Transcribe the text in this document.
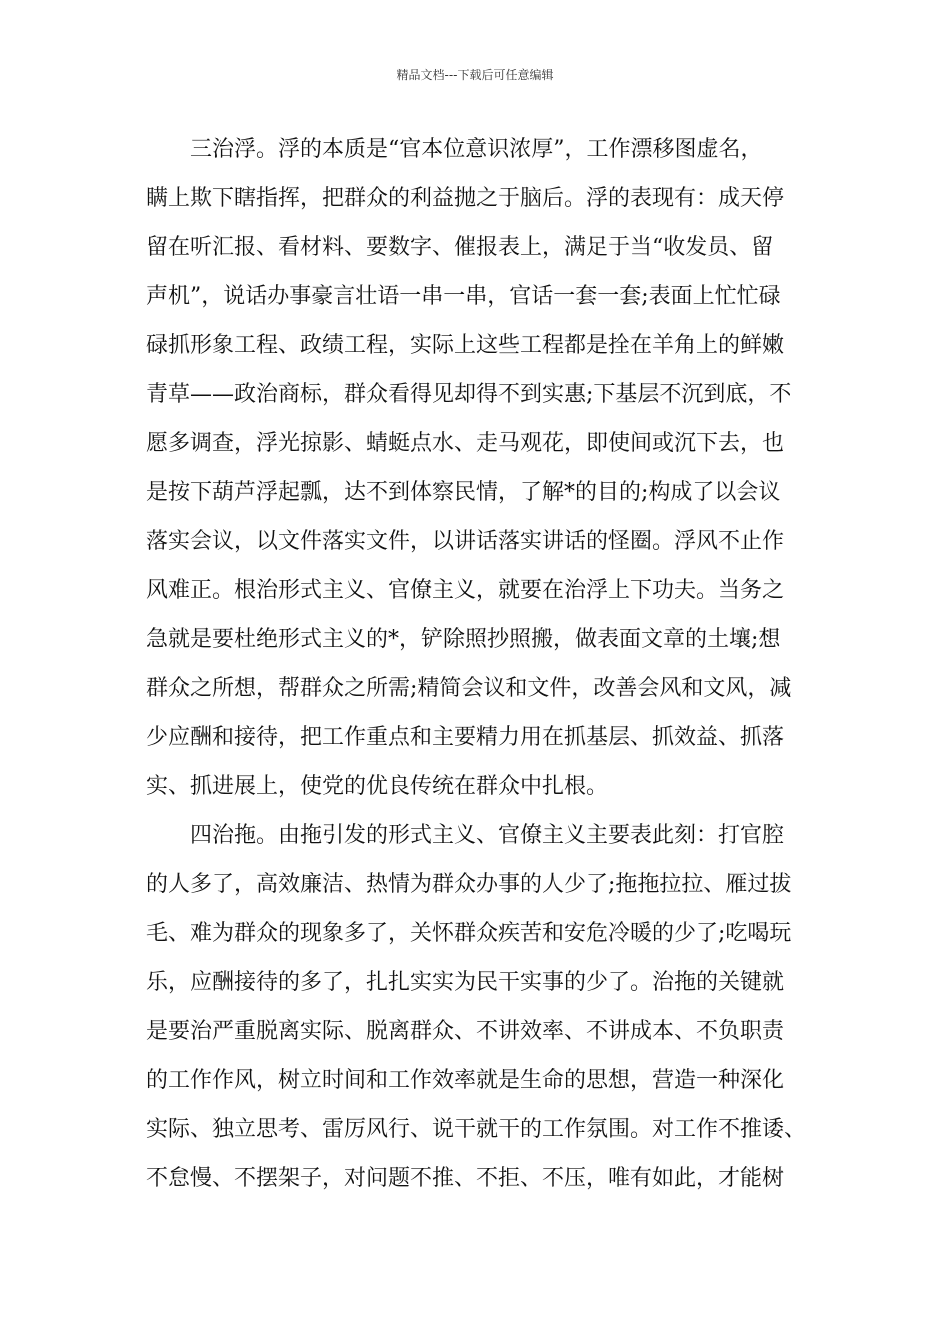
精品文档---下载后可任意编辑
三治浮。浮的本质是“官本位意识浓厚”，工作漂移图虚名，
瞒上欺下瞎指挥，把群众的利益抛之于脑后。浮的表现有：成天停
留在听汇报、看材料、要数字、催报表上，满足于当“收发员、留
声机”，说话办事豪言壮语一串一串，官话一套一套;表面上忙忙碌
碌抓形象工程、政绩工程，实际上这些工程都是拴在羊角上的鲜嫩
青草——政治商标，群众看得见却得不到实惠;下基层不沉到底，不
愿多调查，浮光掠影、蜻蜓点水、走马观花，即使间或沉下去，也
是按下葫芦浮起瓢，达不到体察民情，了解*的目的;构成了以会议
落实会议，以文件落实文件，以讲话落实讲话的怪圈。浮风不止作
风难正。根治形式主义、官僚主义，就要在治浮上下功夫。当务之
急就是要杜绝形式主义的*，铲除照抄照搬，做表面文章的土壤;想
群众之所想，帮群众之所需;精简会议和文件，改善会风和文风，减
少应酬和接待，把工作重点和主要精力用在抓基层、抓效益、抓落
实、抓进展上，使党的优良传统在群众中扎根。
四治拖。由拖引发的形式主义、官僚主义主要表此刻：打官腔
的人多了，高效廉洁、热情为群众办事的人少了;拖拖拉拉、雁过拔
毛、难为群众的现象多了，关怀群众疾苦和安危冷暖的少了;吃喝玩
乐，应酬接待的多了，扎扎实实为民干实事的少了。治拖的关键就
是要治严重脱离实际、脱离群众、不讲效率、不讲成本、不负职责
的工作作风，树立时间和工作效率就是生命的思想，营造一种深化
实际、独立思考、雷厉风行、说干就干的工作氛围。对工作不推诿、
不怠慢、不摆架子，对问题不推、不拒、不压，唯有如此，才能树
